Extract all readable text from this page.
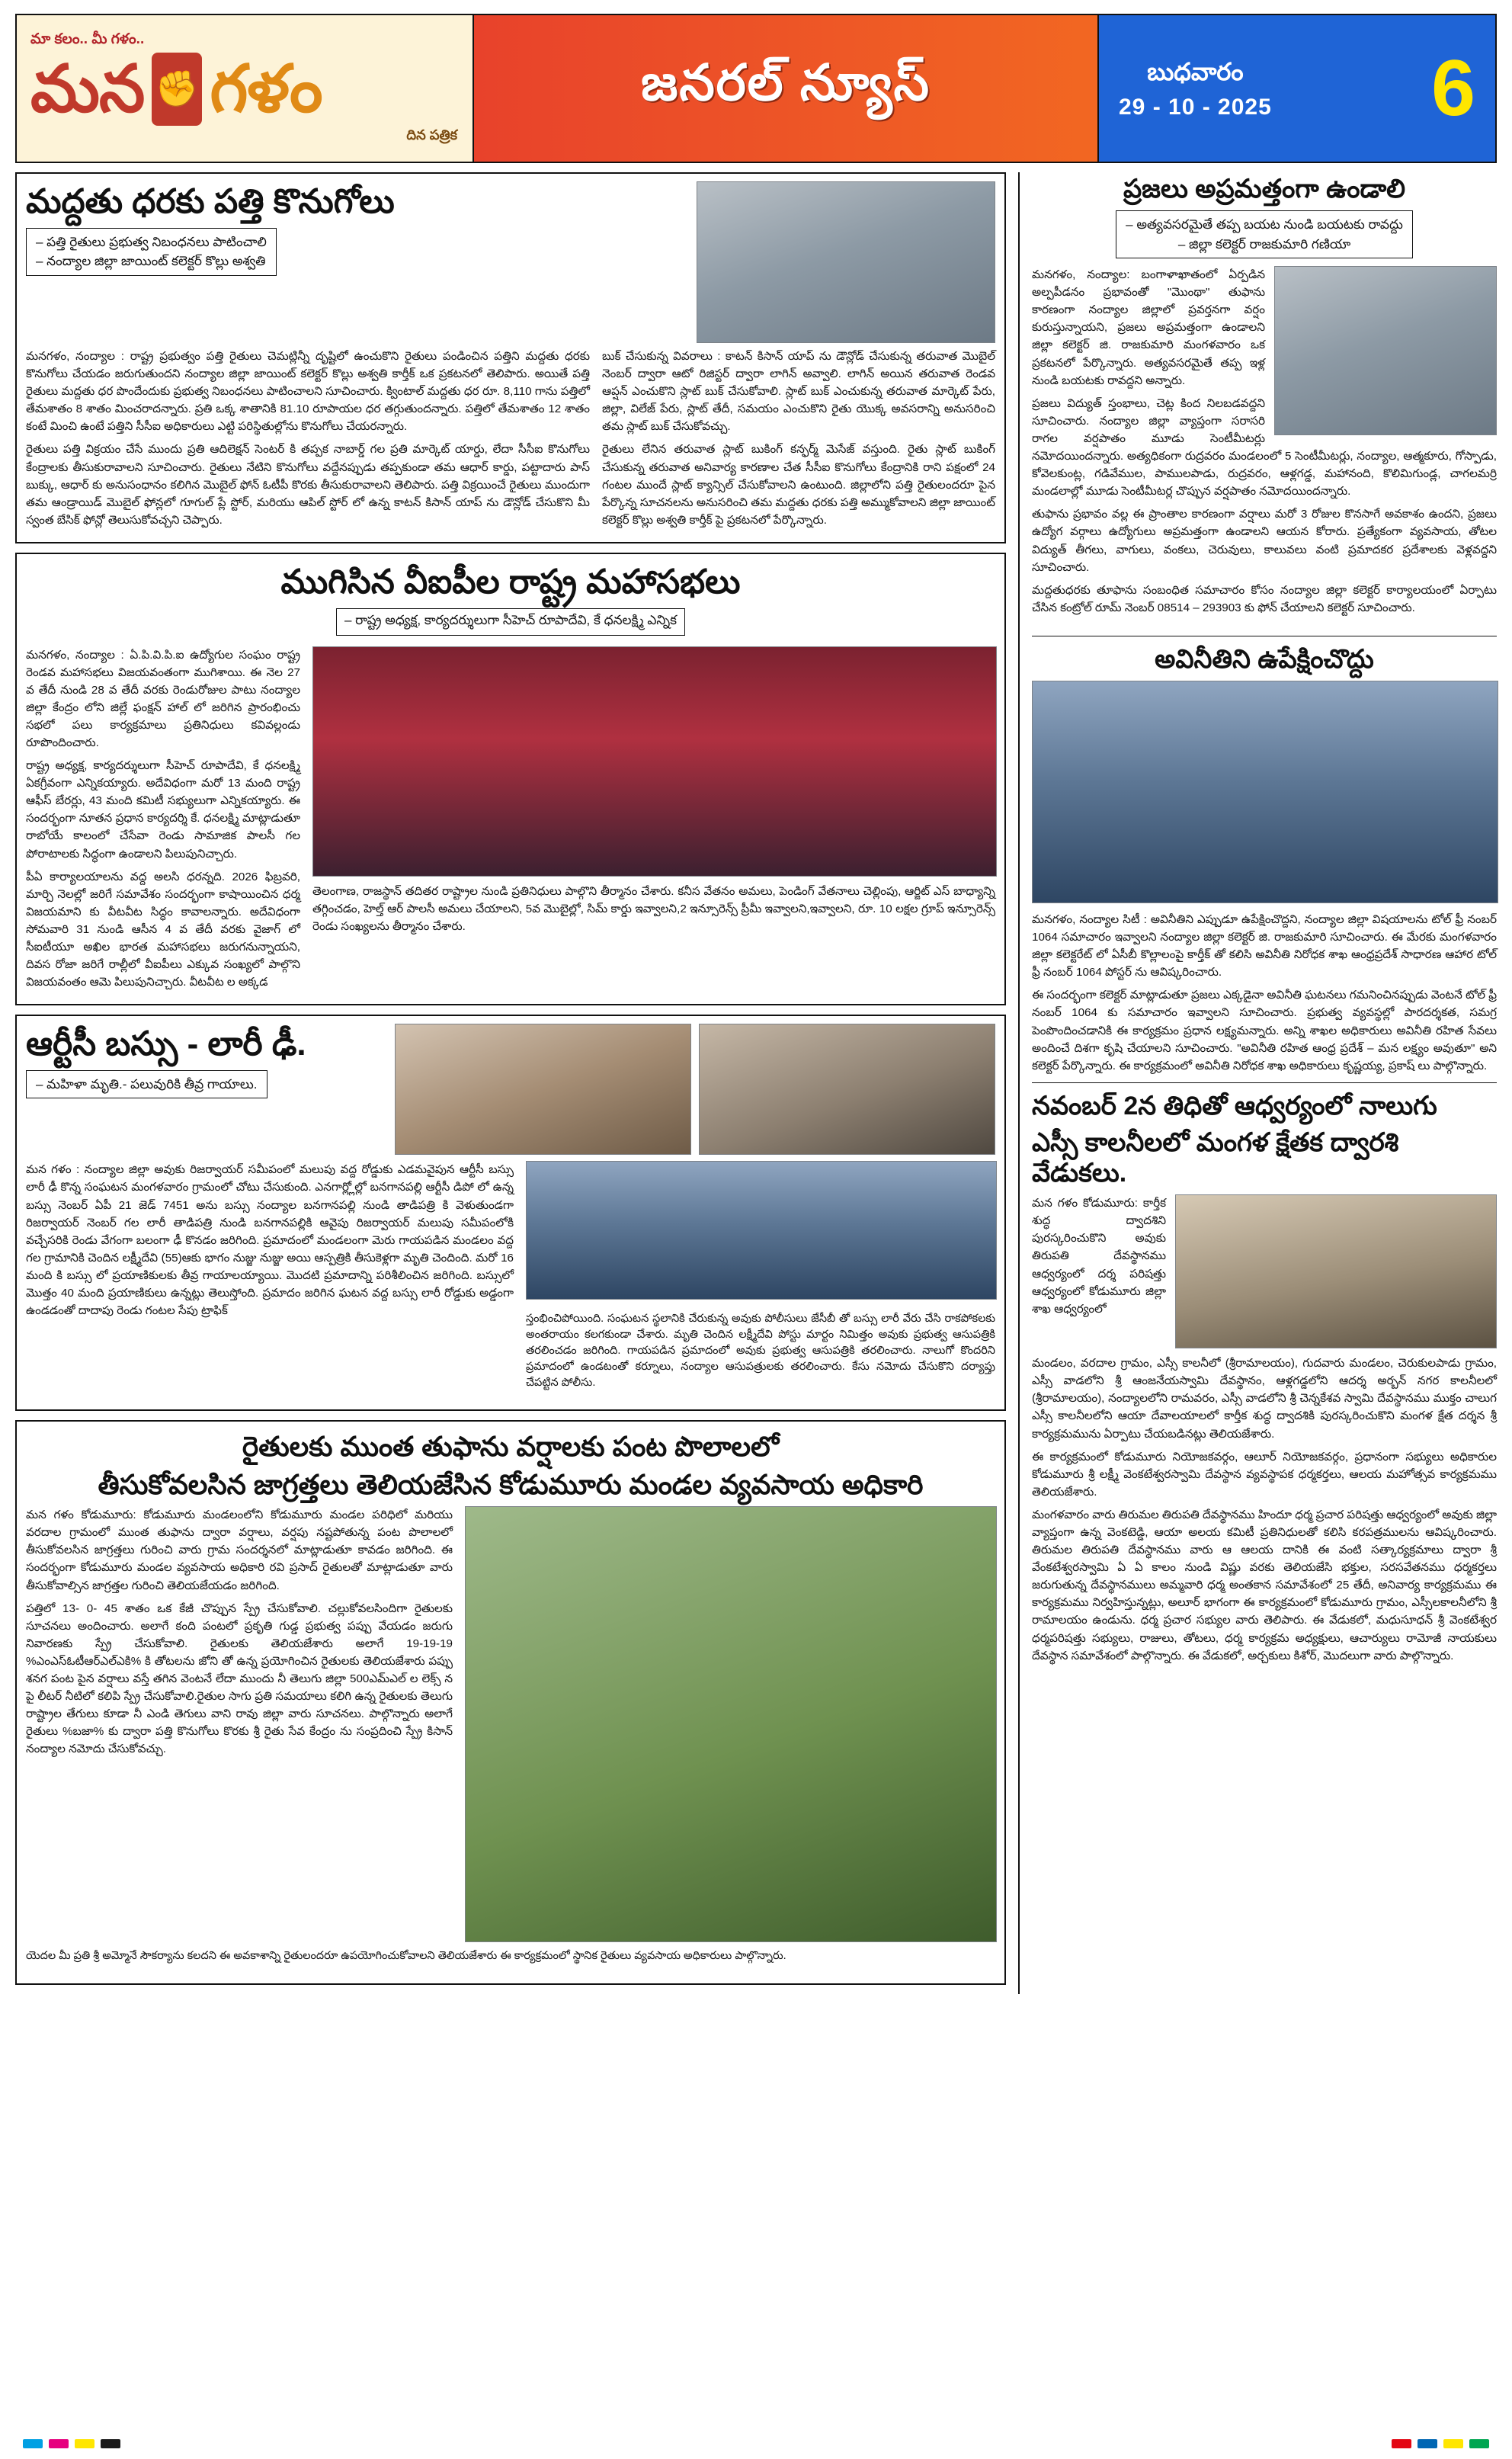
మా కలం.. మీ గళం..
మన ✊ గళం
దిన పత్రిక
జనరల్ న్యూస్	బుధవారం
29 - 10 - 2025 6
మద్దతు ధరకు పత్తి కొనుగోలు
– పత్తి రైతులు ప్రభుత్వ నిబంధనలు పాటించాలి
– నంద్యాల జిల్లా జాయింట్ కలెక్టర్ కొల్లు అశ్వతి

మనగళం, నంద్యాల : రాష్ట్ర ప్రభుత్వం పత్తి రైతులు చెమట్లిన్నీ దృష్టిలో ఉంచుకొని రైతులు పండించిన పత్తిని మద్దతు ధరకు కొనుగోలు చేయడం జరుగుతుందని నంద్యాల జిల్లా జాయింట్ కలెక్టర్ కొల్లు అశ్వతి కార్తీక్ ఒక ప్రకటనలో తెలిపారు. అయితే పత్తి రైతులు మద్దతు ధర పొందేందుకు ప్రభుత్వ నిబంధనలు పాటించాలని సూచించారు. క్వింటాల్ మద్దతు ధర రూ. 8,110 గాను పత్తిలో తేమశాతం 8 శాతం మించరాదన్నారు. ప్రతి ఒక్క శాతానికి 81.10 రూపాయల ధర తగ్గుతుందన్నారు. పత్తిలో తేమశాతం 12 శాతం కంటే మించి ఉంటే పత్తిని సీసీఐ అధికారులు ఎట్టి పరిస్థితుల్లోను కొనుగోలు చేయరన్నారు.

రైతులు పత్తి విక్రయం చేసే ముందు ప్రతి ఆదిలెక్షన్ సెంటర్ కి తప్పక నాబార్డ్ గల ప్రతి మార్కెట్ యార్డు, లేదా సీసీఐ కొనుగోలు కేంద్రాలకు తీసుకురావాలని సూచించారు. రైతులు నేటిని కొనుగోలు వద్దేనప్పుడు తప్పకుండా తమ ఆధార్ కార్డు, పట్టాదారు పాస్ బుక్కు, ఆధార్ కు అనుసంధానం కలిగిన మొబైల్ ఫోన్ ఓటీపీ కొరకు తీసుకురావాలని తెలిపారు. పత్తి విక్రయించే రైతులు ముందుగా తమ ఆండ్రాయిడ్ మొబైల్ ఫోన్లలో గూగుల్ ప్లే స్టోర్, మరియు ఆపిల్ స్టోర్ లో ఉన్న కాటన్ కిసాన్ యాప్ ను డౌన్లోడ్ చేసుకొని మీ స్వంత బేసిక్ ఫోన్లో తెలుసుకోవచ్చని చెప్పారు.

బుక్ చేసుకున్న వివరాలు : కాటన్ కిసాన్ యాప్ ను డౌన్లోడ్ చేసుకున్న తరువాత మొబైల్ నెంబర్ ద్వారా ఆటో రిజిస్టర్ ద్వారా లాగిన్ అవ్వాలి. లాగిన్ అయిన తరువాత రెండవ ఆప్షన్ ఎంచుకొని స్లాట్ బుక్ చేసుకోవాలి. స్లాట్ బుక్ ఎంచుకున్న తరువాత మార్కెట్ పేరు, జిల్లా, విలేజ్ పేరు, స్లాట్ తేదీ, సమయం ఎంచుకొని రైతు యొక్క అవసరాన్ని అనుసరించి తమ స్లాట్ బుక్ చేసుకోవచ్చు.

రైతులు లేనిన తరువాత స్లాట్ బుకింగ్ కన్ఫర్మ్ మెసేజ్ వస్తుంది. రైతు స్లాట్ బుకింగ్ చేసుకున్న తరువాత అనివార్య కారణాల చేత సీసీఐ కొనుగోలు కేంద్రానికి రాని పక్షంలో 24 గంటల ముందే స్లాట్ క్యాన్సిల్ చేసుకోవాలని ఉంటుంది. జిల్లాలోని పత్తి రైతులందరూ పైన పేర్కొన్న సూచనలను అనుసరించి తమ మద్దతు ధరకు పత్తి అమ్ముకోవాలని జిల్లా జాయింట్ కలెక్టర్ కొల్లు అశ్వతి కార్తీక్ పై ప్రకటనలో పేర్కొన్నారు.

ముగిసిన వీఐపీల రాష్ట్ర మహాసభలు
– రాష్ట్ర అధ్యక్ష, కార్యదర్శులుగా సీహెచ్ రూపాదేవి, కే ధనలక్ష్మి ఎన్నిక

మనగళం, నంద్యాల : ఏ.పి.వి.పి.ఐ ఉద్యోగుల సంఘం రాష్ట్ర రెండవ మహాసభలు విజయవంతంగా ముగిశాయి. ఈ నెల 27 వ తేదీ నుండి 28 వ తేదీ వరకు రెండురోజుల పాటు నంద్యాల జిల్లా కేంద్రం లోని జిల్లే ఫంక్షన్ హాల్ లో జరిగిన ప్రారంభించు సభలో పలు కార్యక్రమాలు ప్రతినిధులు కవివల్లండు రూపొందించారు.

రాష్ట్ర అధ్యక్ష, కార్యదర్శులుగా సీహెచ్ రూపాదేవి, కే ధనలక్ష్మి ఏకగ్రీవంగా ఎన్నికయ్యారు. అదేవిధంగా మరో 13 మంది రాష్ట్ర ఆఫీస్ బేరర్లు, 43 మంది కమిటీ సభ్యులుగా ఎన్నికయ్యారు. ఈ సందర్భంగా నూతన ప్రధాన కార్యదర్శి కే. ధనలక్ష్మి మాట్లాడుతూ రాబోయే కాలంలో చేసేవా రెండు సామాజిక పాలసీ గల పోరాటాలకు సిద్ధంగా ఉండాలని పిలుపునిచ్చారు.

పీఏ కార్యాలయాలను వద్ద అలసి ధరన్నది. 2026 ఫిబ్రవరి, మార్చి నెలల్లో జరిగే సమావేశం సందర్భంగా కాషాయించిన ధర్మ విజయమాని కు వీటవీట సిద్ధం కావాలన్నారు. అదేవిధంగా సోమవారి 31 నుండి ఆసీన 4 వ తేదీ వరకు వైజాగ్ లో సీఐటీయూ అఖిల భారత మహాసభలు జరుగనున్నాయని, దివస రోజా జరిగే రాల్లీలో వీఐపీలు ఎక్కువ సంఖ్యలో పాల్గొని విజయవంతం ఆమె పిలుపునిచ్చారు. వీటవీట ల అక్కడ

తెలంగాణ, రాజస్థాన్ తదితర రాష్ట్రాల నుండి ప్రతినిధులు పాల్గొని తీర్మానం చేశారు. కనీస వేతనం అమలు, పెండింగ్ వేతనాలు చెల్లింపు, ఆర్జిట్ ఎస్ బాధ్యాన్ని తగ్గించడం, హెల్త్ ఆర్ పాలసీ అమలు చేయాలని, 5వ మొబైల్లో, సిమ్ కార్డు ఇవ్వాలని,2 ఇన్సూరెన్స్ ప్రీమీ ఇవ్వాలని,ఇవ్వాలని, రూ. 10 లక్షల గ్రూప్ ఇన్సూరెన్స్ రెండు సంఖ్యలను తీర్మానం చేశారు.

ఆర్టీసీ బస్సు - లారీ ఢీ.
– మహిళా మృతి.- పలువురికి తీవ్ర గాయాలు.

మన గళం : నంద్యాల జిల్లా అవుకు రిజర్వాయర్ సమీపంలో మలుపు వద్ద రోడ్డుకు ఎడమవైపున ఆర్టీసీ బస్సు లారీ ఢీ కొన్న సంఘటన మంగళవారం గ్రామంలో చోటు చేసుకుంది. ఎనగార్ల్లోల్లో బనగానపల్లి ఆర్టీసీ డిపో లో ఉన్న బస్సు నెంబర్ ఏపీ 21 జెడ్ 7451 అను బస్సు నంద్యాల బనగానపల్లి నుండి తాడిపత్రి కి వెళుతుండగా రిజర్వాయర్ నెంబర్ గల లారీ తాడిపత్రి నుండి బనగానపల్లికి ఆవైపు రిజర్వాయర్ మలుపు సమీపంలోకి వచ్చేసరికి రెండు వేగంగా బలంగా ఢీ కొనడం జరిగింది. ప్రమాదంలో మండలంగా మెరు గాయపడిన మండలం వద్ద గల గ్రామానికి చెందిన లక్ష్మీదేవి (55)ఆకు భాగం నుజ్జు నుజ్జు అయి ఆస్పత్రికి తీసుకెళ్లగా మృతి చెందింది. మరో 16 మంది కి బస్సు లో ప్రయాణికులకు తీవ్ర గాయాలయ్యాయి. మొదటి ప్రమాదాన్ని పరిశీలించిన జరిగింది. బస్సులో మొత్తం 40 మంది ప్రయాణికులు ఉన్నట్లు తెలుస్తోంది. ప్రమాదం జరిగిన ఘటన వద్ద బస్సు లారీ రోడ్డుకు అడ్డంగా ఉండడంతో దాదాపు రెండు గంటల సేపు ట్రాఫిక్

స్తంభించిపోయింది. సంఘటన స్థలానికి చేరుకున్న అవుకు పోలీసులు జేసీబీ తో బస్సు లారీ వేరు చేసి రాకపోకలకు అంతరాయం కలగకుండా చేశారు. మృతి చెందిన లక్ష్మీదేవి పోస్టు మార్టం నిమిత్తం అవుకు ప్రభుత్వ ఆసుపత్రికి తరలించడం జరిగింది. గాయపడిన ప్రమాదంలో అవుకు ప్రభుత్వ ఆసుపత్రికి తరలించారు. నాలుగో కొందరిని ప్రమాదంలో ఉండటంతో కర్నూలు, నంద్యాల ఆసుపత్రులకు తరలించారు. కేసు నమోదు చేసుకొని దర్యాప్తు చేపట్టిన పోలీసు.

రైతులకు ముంత తుఫాను వర్షాలకు పంట పొలాలలో
తీసుకోవలసిన జాగ్రత్తలు తెలియజేసిన కోడుమూరు మండల వ్యవసాయ అధికారి

మన గళం కోడుమూరు: కోడుమూరు మండలంలోని కోడుమూరు మండల పరిధిలో మరియు వరదాల గ్రామంలో ముంత తుఫాను ద్వారా వర్షాలు, వర్షపు నష్టపోతున్న పంట పొలాలలో తీసుకోవలసిన జాగ్రత్తలు గురించి వారు గ్రామ సందర్శనలో మాట్లాడుతూ కావడం జరిగింది. ఈ సందర్భంగా కోడుమూరు మండల వ్యవసాయ అధికారి రవి ప్రసాద్ రైతులతో మాట్లాడుతూ వారు తీసుకోవాల్సిన జాగ్రత్తల గురించి తెలియజేయడం జరిగింది.

పత్తిలో 13- 0- 45 శాతం ఒక కేజీ చొప్పున స్ప్రే చేసుకోవాలి. చల్లుకోవలసిందిగా రైతులకు సూచనలు అందించారు. అలాగే కంది పంటలో ప్రకృతి గుడ్డ ప్రభుత్వ పప్పు వేయడం జరుగు నివారణకు స్ప్రే చేసుకోవాలి. రైతులకు తెలియజేశారు అలాగే 19-19-19 %ఎంఎస్ఓటీఆర్ఎల్ఎకి% కి తోటలను జోని తో ఉన్న ప్రయోగించిన రైతులకు తెలియజేశారు పప్పు శనగ పంట పైన వర్షాలు వస్తే తగిన వెంటనే లేదా ముందు నీ తెలుగు జిల్లా 500ఎమ్ఎల్ ల లెక్స్ న పై లీటర్ నీటిలో కలిపి స్ప్రే చేసుకోవాలి.రైతుల సాగు ప్రతి సమయాలు కలిగి ఉన్న రైతులకు తెలుగు రాష్ట్రాల తేగులు కూడా నీ ఎండి తెగులు వాని రావు జిల్లా వారు సూచనలు. పాల్గొన్నారు అలాగే రైతులు %బజా% కు ద్వారా పత్తి కొనుగోలు కొరకు శ్రీ రైతు సేవ కేంద్రం ను సంప్రదించి స్ప్రే కిసాన్ నంద్యాల నమోదు చేసుకోవచ్చు.

యెదల మీ ప్రతి శ్రీ అమ్మోనే సౌకర్యాను కలదని ఈ అవకాశాన్ని రైతులందరూ ఉపయోగించుకోవాలని తెలియజేశారు ఈ కార్యక్రమంలో స్థానిక రైతులు వ్యవసాయ అధికారులు పాల్గొన్నారు.

ప్రజలు అప్రమత్తంగా ఉండాలి
– అత్యవసరమైతే తప్ప బయట నుండి బయటకు రావద్దు
– జిల్లా కలెక్టర్ రాజకుమారి గణియా

మనగళం, నంద్యాల: బంగాళాఖాతంలో ఏర్పడిన అల్పపీడనం ప్రభావంతో "మొంథా" తుఫాను కారణంగా నంద్యాల జిల్లాలో ప్రవర్తనగా వర్షం కురుస్తున్నాయని, ప్రజలు అప్రమత్తంగా ఉండాలని జిల్లా కలెక్టర్ జి. రాజకుమారి మంగళవారం ఒక ప్రకటనలో పేర్కొన్నారు. అత్యవసరమైతే తప్ప ఇళ్ల నుండి బయటకు రావద్దని అన్నారు.

ప్రజలు విద్యుత్ స్తంభాలు, చెట్ల కింద నిలబడవద్దని సూచించారు. నంద్యాల జిల్లా వ్యాప్తంగా సరాసరి రాగల వర్షపాతం మూడు సెంటీమీటర్లు నమోదయిందన్నారు. అత్యధికంగా రుద్రవరం మండలంలో 5 సెంటీమీటర్లు, నంద్యాల, ఆత్మకూరు, గోస్పాడు, కోవెలకుంట్ల, గడివేముల, పాములపాడు, రుద్రవరం, ఆళ్లగడ్డ, మహానంది, కొలిమిగుండ్ల, చాగలమర్రి మండలాల్లో మూడు సెంటీమీటర్ల చొప్పున వర్షపాతం నమోదయిందన్నారు.

తుఫాను ప్రభావం వల్ల ఈ ప్రాంతాల కారణంగా వర్షాలు మరో 3 రోజుల కొనసాగే అవకాశం ఉందని, ప్రజలు ఉద్యోగ వర్గాలు ఉద్యోగులు అప్రమత్తంగా ఉండాలని ఆయన కోరారు. ప్రత్యేకంగా వ్యవసాయ, తోటల విద్యుత్ తీగలు, వాగులు, వంకలు, చెరువులు, కాలువలు వంటి ప్రమాదకర ప్రదేశాలకు వెళ్లవద్దని సూచించారు.

మద్దతుధరకు తూఫాను సంబంధిత సమాచారం కోసం నంద్యాల జిల్లా కలెక్టర్ కార్యాలయంలో ఏర్పాటు చేసిన కంట్రోల్ రూమ్ నెంబర్ 08514 – 293903 కు ఫోన్ చేయాలని కలెక్టర్ సూచించారు.

అవినీతిని ఉపేక్షించొద్దు

మనగళం, నంద్యాల సిటీ : అవినీతిని ఎప్పుడూ ఉపేక్షించొద్దని, నంద్యాల జిల్లా విషయాలను టోల్ ఫ్రీ నంబర్ 1064 సమాచారం ఇవ్వాలని నంద్యాల జిల్లా కలెక్టర్ జి. రాజకుమారి సూచించారు. ఈ మేరకు మంగళవారం జిల్లా కలెక్టరేట్ లో ఏసీబీ కొల్లాలంపై కార్తీక్ తో కలిసి అవినీతి నిరోధక శాఖ ఆంధ్రప్రదేశ్ సాధారణ ఆహార టోల్ ఫ్రీ నంబర్ 1064 పోస్టర్ ను ఆవిష్కరించారు.

ఈ సందర్భంగా కలెక్టర్ మాట్లాడుతూ ప్రజలు ఎక్కడైనా అవినీతి ఘటనలు గమనించినప్పుడు వెంటనే టోల్ ఫ్రీ నంబర్ 1064 కు సమాచారం ఇవ్వాలని సూచించారు. ప్రభుత్వ వ్యవస్థల్లో పారదర్శకత, సమగ్ర పెంపొందించడానికి ఈ కార్యక్రమం ప్రధాన లక్ష్యమన్నారు. అన్ని శాఖల అధికారులు అవినీతి రహిత సేవలు అందించే దిశగా కృషి చేయాలని సూచించారు. "అవినీతి రహిత ఆంధ్ర ప్రదేశ్ – మన లక్ష్యం అవుతూ" అని కలెక్టర్ పేర్కొన్నారు. ఈ కార్యక్రమంలో అవినీతి నిరోధక శాఖ అధికారులు కృష్ణయ్య, ప్రకాష్ లు పాల్గొన్నారు.

నవంబర్ 2న తిధితో ఆధ్వర్యంలో నాలుగు
ఎస్సీ కాలనీలలో మంగళ క్షేతక ద్వారశి వేడుకలు.

మన గళం కోడుమూరు: కార్తీక శుద్ధ ద్వాదశిని పురస్కరించుకొని అవుకు తిరుపతి దేవస్థానము ఆధ్వర్యంలో దర్శ పరిషత్తు ఆధ్వర్యంలో కోడుమూరు జిల్లా శాఖ ఆధ్వర్యంలో

మండలం, వరదాల గ్రామం, ఎస్సీ కాలనీలో (శ్రీరామాలయం), గుదవారు మండలం, చెరుకులపాడు గ్రామం, ఎస్సీ వాడలోని శ్రీ ఆంజనేయస్వామి దేవస్థానం, ఆళ్లగడ్డలోని ఆదర్శ అర్బన్ నగర కాలనీలలో (శ్రీరామాలయం), నంద్యాలలోని రామవరం, ఎస్సీ వాడలోని శ్రీ చెన్నకేశవ స్వామి దేవస్థానము ముక్తం చాలుగ ఎస్సీ కాలనీలలోని ఆయా దేవాలయాలలో కార్తీక శుద్ధ ద్వాదశికి పురస్కరించుకొని మంగళ క్షేత దర్శన శ్రీ కార్యక్రమమును ఏర్పాటు చేయబడినట్లు తెలియజేశారు.

ఈ కార్యక్రమంలో కోడుమూరు నియోజకవర్గం, ఆలూర్ నియోజకవర్గం, ప్రధానంగా సభ్యులు అధికారుల కోడుమూరు శ్రీ లక్ష్మీ వెంకటేశ్వరస్వామి దేవస్థాన వ్యవస్థాపక ధర్మకర్తలు, ఆలయ మహోత్సవ కార్యక్రమము తెలియజేశారు.

మంగళవారం వారు తిరుమల తిరుపతి దేవస్థానము హిందూ ధర్మ ప్రచార పరిషత్తు ఆధ్వర్యంలో అవుకు జిల్లా వ్యాప్తంగా ఉన్న వెంకటెడ్డి, ఆయా అలయ కమిటీ ప్రతినిధులతో కలిసి కరపత్రములను ఆవిష్కరించారు. తిరుమల తిరుపతి దేవస్థానము వారు ఆ ఆలయ దానికి ఈ వంటి సత్కార్యక్రమాలు ద్వారా శ్రీ వేంకటేశ్వరస్వామి ఏ ఏ కాలం నుండి విష్ణు వరకు తెలియజేసి భక్తుల, సరసవేతనము ధర్మకర్తలు జరుగుతున్న దేవస్థానములు అమ్మవారి ధర్మ అంతకాన సమావేశంలో 25 తేదీ, అనివార్య కార్యక్రమము ఈ కార్యక్రమము నిర్వహిస్తున్నట్లు, అలూర్ భాగంగా ఈ కార్యక్రమంలో కోడుమూరు గ్రామం, ఎస్సీలకాలనీలోని శ్రీ రామాలయం ఉండును. ధర్మ ప్రచార సభ్యుల వారు తెలిపారు. ఈ వేడుకలో, మధుసూధన్ శ్రీ వెంకటేశ్వర ధర్మపరిషత్తు సభ్యులు, రాజులు, తోటలు, ధర్మ కార్యక్రమ అధ్యక్షులు, ఆచార్యులు రామోజీ నాయకులు దేవస్థాన సమావేశంలో పాల్గొన్నారు. ఈ వేడుకలో, అర్చకులు కిశోర్, మొదలుగా వారు పాల్గొన్నారు.
